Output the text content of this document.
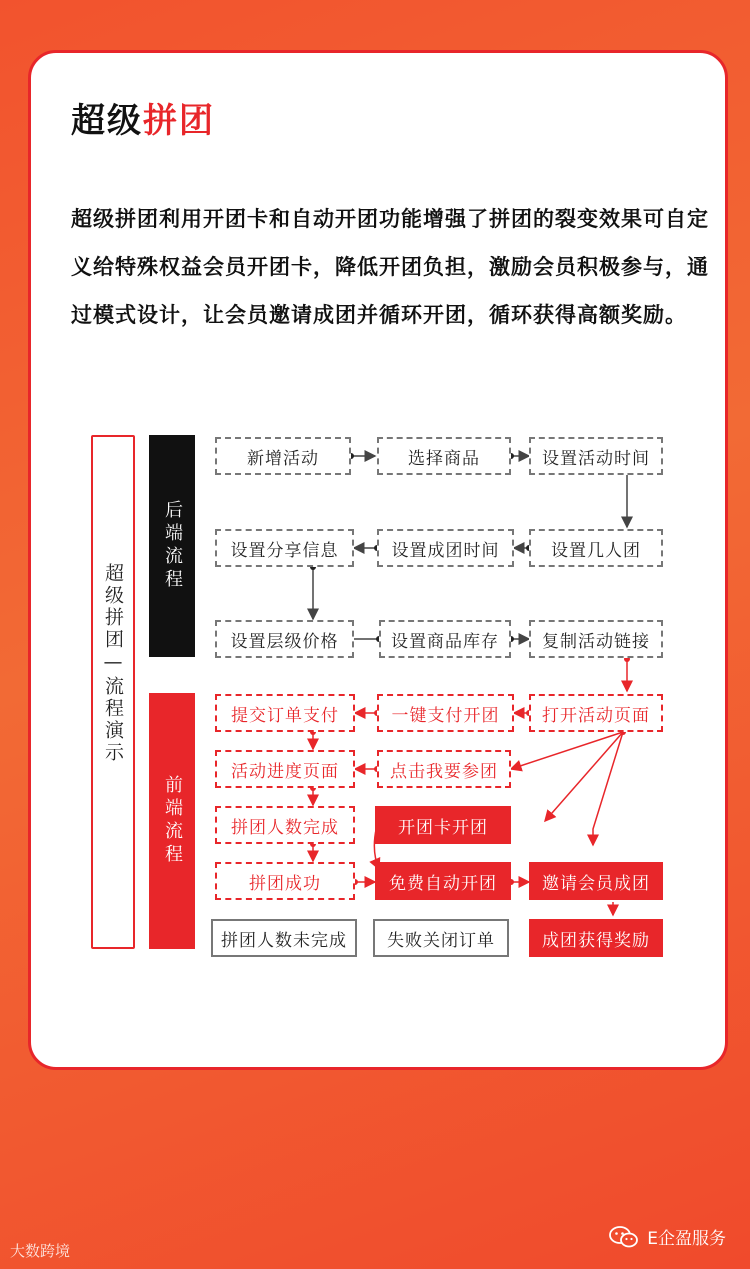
超级拼团

超级拼团利用开团卡和自动开团功能增强了拼团的裂变效果可自定义给特殊权益会员开团卡，降低开团负担，激励会员积极参与，通过模式设计，让会员邀请成团并循环开团，循环获得高额奖励。

超级拼团—流程演示
后端流程
前端流程
新增活动	选择商品	设置活动时间
设置分享信息	设置成团时间	设置几人团
设置层级价格	设置商品库存	复制活动链接
提交订单支付	一键支付开团	打开活动页面
活动进度页面	点击我要参团
拼团人数完成	开团卡开团
拼团成功	免费自动开团	邀请会员成团
拼团人数未完成	失败关闭订单	成团获得奖励
大数跨境
E企盈服务
